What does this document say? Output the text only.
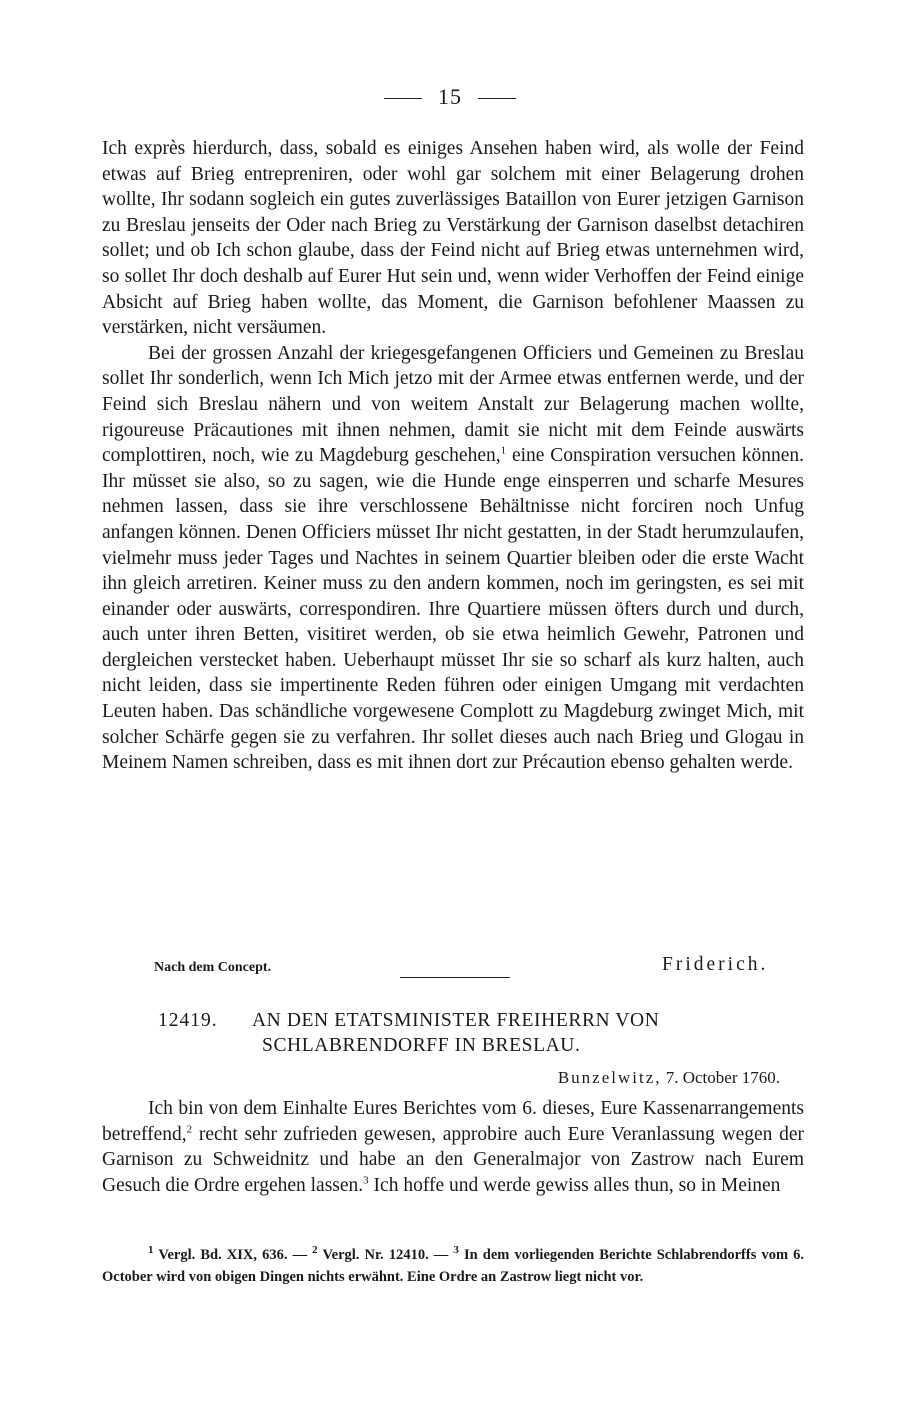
15

Ich exprès hierdurch, dass, sobald es einiges Ansehen haben wird, als wolle der Feind etwas auf Brieg entrepreniren, oder wohl gar solchem mit einer Belagerung drohen wollte, Ihr sodann sogleich ein gutes zuverlässiges Bataillon von Eurer jetzigen Garnison zu Breslau jenseits der Oder nach Brieg zu Verstärkung der Garnison daselbst detachiren sollet; und ob Ich schon glaube, dass der Feind nicht auf Brieg etwas unternehmen wird, so sollet Ihr doch deshalb auf Eurer Hut sein und, wenn wider Verhoffen der Feind einige Absicht auf Brieg haben wollte, das Moment, die Garnison befohlener Maassen zu verstärken, nicht versäumen.

Bei der grossen Anzahl der kriegesgefangenen Officiers und Gemeinen zu Breslau sollet Ihr sonderlich, wenn Ich Mich jetzo mit der Armee etwas entfernen werde, und der Feind sich Breslau nähern und von weitem Anstalt zur Belagerung machen wollte, rigoureuse Präcautiones mit ihnen nehmen, damit sie nicht mit dem Feinde auswärts complottiren, noch, wie zu Magdeburg geschehen,$^1$ eine Conspiration versuchen können. Ihr müsset sie also, so zu sagen, wie die Hunde enge einsperren und scharfe Mesures nehmen lassen, dass sie ihre verschlossene Behältnisse nicht forciren noch Unfug anfangen können. Denen Officiers müsset Ihr nicht gestatten, in der Stadt herumzulaufen, vielmehr muss jeder Tages und Nachtes in seinem Quartier bleiben oder die erste Wacht ihn gleich arretiren. Keiner muss zu den andern kommen, noch im geringsten, es sei mit einander oder auswärts, correspondiren. Ihre Quartiere müssen öfters durch und durch, auch unter ihren Betten, visitiret werden, ob sie etwa heimlich Gewehr, Patronen und dergleichen verstecket haben. Ueberhaupt müsset Ihr sie so scharf als kurz halten, auch nicht leiden, dass sie impertinente Reden führen oder einigen Umgang mit verdachten Leuten haben. Das schändliche vorgewesene Complott zu Magdeburg zwinget Mich, mit solcher Schärfe gegen sie zu verfahren. Ihr sollet dieses auch nach Brieg und Glogau in Meinem Namen schreiben, dass es mit ihnen dort zur Précaution ebenso gehalten werde.

Nach dem Concept.	Friderich.
12419. AN DEN ETATSMINISTER FREIHERRN VON
SCHLABRENDORFF IN BRESLAU.
Bunzelwitz, 7. October 1760.

Ich bin von dem Einhalte Eures Berichtes vom 6. dieses, Eure Kassenarrangements betreffend,$^2$ recht sehr zufrieden gewesen, approbire auch Eure Veranlassung wegen der Garnison zu Schweidnitz und habe an den Generalmajor von Zastrow nach Eurem Gesuch die Ordre ergehen lassen.$^3$ Ich hoffe und werde gewiss alles thun, so in Meinen

$^1$ Vergl. Bd. XIX, 636. — $^2$ Vergl. Nr. 12410. — $^3$ In dem vorliegenden Berichte Schlabrendorffs vom 6. October wird von obigen Dingen nichts erwähnt. Eine Ordre an Zastrow liegt nicht vor.
